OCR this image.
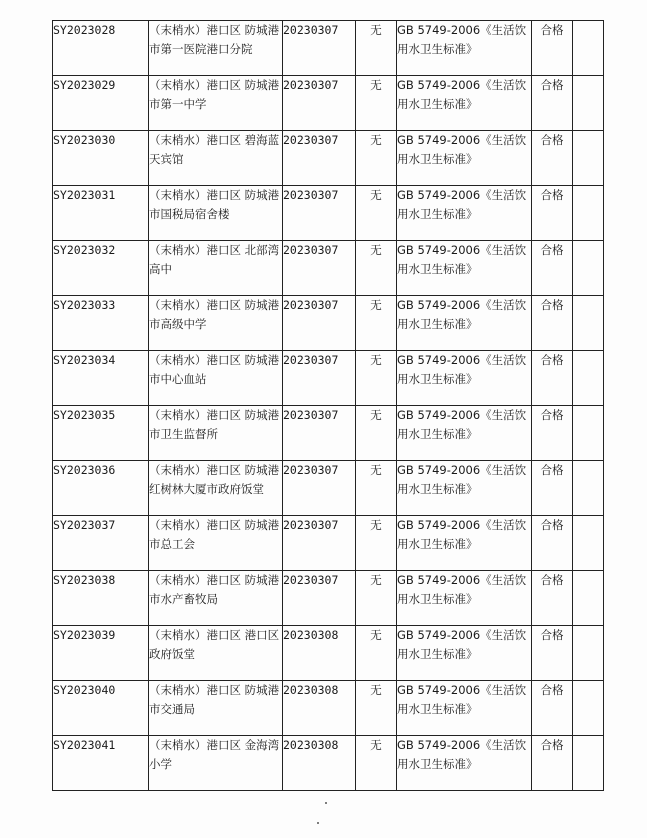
SY2023028	（末梢水）港口区 防城港市第一医院港口分院	20230307	无	GB 5749-2006《生活饮用水卫生标准》	合格	
SY2023029	（末梢水）港口区 防城港市第一中学	20230307	无	GB 5749-2006《生活饮用水卫生标准》	合格	
SY2023030	（末梢水）港口区 碧海蓝天宾馆	20230307	无	GB 5749-2006《生活饮用水卫生标准》	合格	
SY2023031	（末梢水）港口区 防城港市国税局宿舍楼	20230307	无	GB 5749-2006《生活饮用水卫生标准》	合格	
SY2023032	（末梢水）港口区 北部湾高中	20230307	无	GB 5749-2006《生活饮用水卫生标准》	合格	
SY2023033	（末梢水）港口区 防城港市高级中学	20230307	无	GB 5749-2006《生活饮用水卫生标准》	合格	
SY2023034	（末梢水）港口区 防城港市中心血站	20230307	无	GB 5749-2006《生活饮用水卫生标准》	合格	
SY2023035	（末梢水）港口区 防城港市卫生监督所	20230307	无	GB 5749-2006《生活饮用水卫生标准》	合格	
SY2023036	（末梢水）港口区 防城港红树林大厦市政府饭堂	20230307	无	GB 5749-2006《生活饮用水卫生标准》	合格	
SY2023037	（末梢水）港口区 防城港市总工会	20230307	无	GB 5749-2006《生活饮用水卫生标准》	合格	
SY2023038	（末梢水）港口区 防城港市水产畜牧局	20230307	无	GB 5749-2006《生活饮用水卫生标准》	合格	
SY2023039	（末梢水）港口区 港口区政府饭堂	20230308	无	GB 5749-2006《生活饮用水卫生标准》	合格	
SY2023040	（末梢水）港口区 防城港市交通局	20230308	无	GB 5749-2006《生活饮用水卫生标准》	合格	
SY2023041	（末梢水）港口区 金海湾小学	20230308	无	GB 5749-2006《生活饮用水卫生标准》	合格	
